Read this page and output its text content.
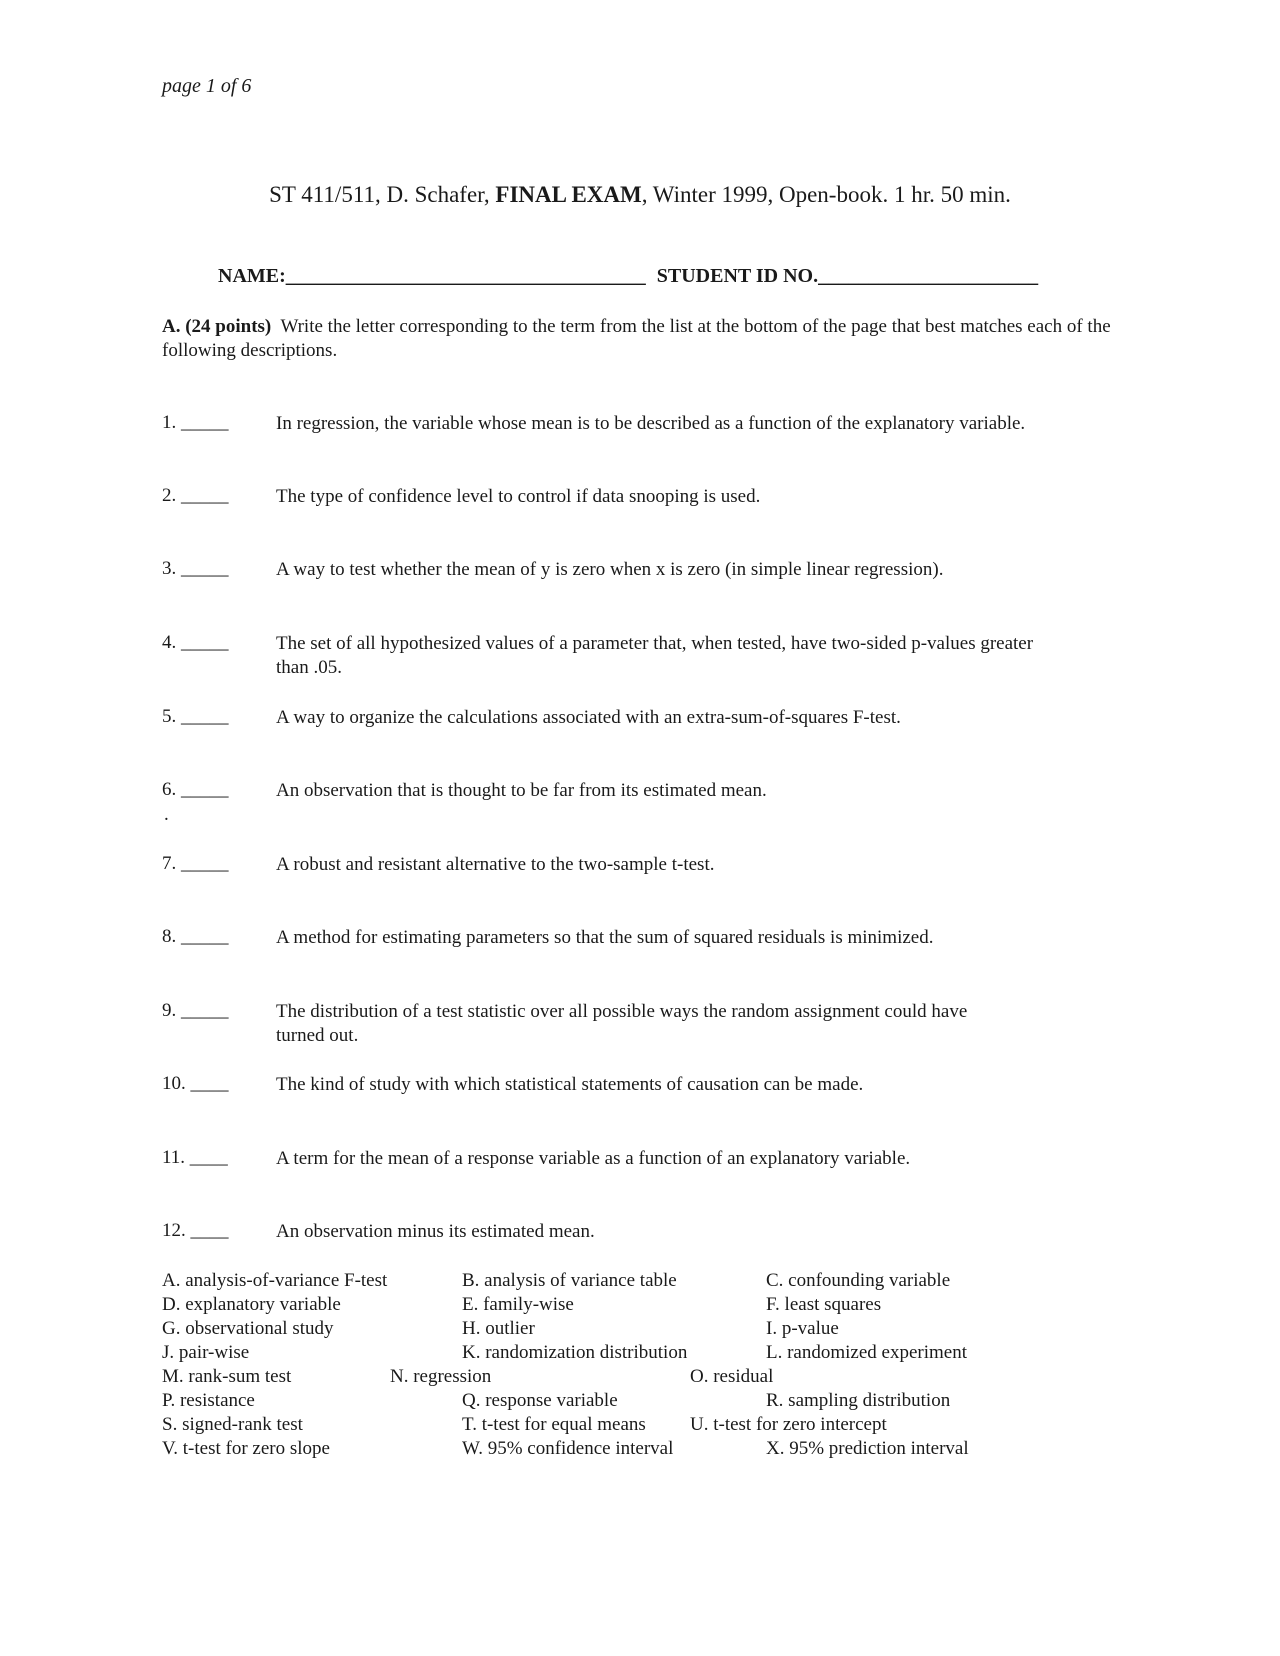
page 1 of 6
ST 411/511, D. Schafer, FINAL EXAM, Winter 1999, Open-book. 1 hr. 50 min.
NAME:____________________________________ STUDENT ID NO.______________________
A. (24 points) Write the letter corresponding to the term from the list at the bottom of the page that best matches each of the following descriptions.
1. _____	In regression, the variable whose mean is to be described as a function of the explanatory variable.
2. _____	The type of confidence level to control if data snooping is used.
3. _____	A way to test whether the mean of y is zero when x is zero (in simple linear regression).
4. _____	The set of all hypothesized values of a parameter that, when tested, have two-sided p-values greater than .05.
5. _____	A way to organize the calculations associated with an extra-sum-of-squares F-test.
6. _____	An observation that is thought to be far from its estimated mean.
.
7. _____	A robust and resistant alternative to the two-sample t-test.
8. _____	A method for estimating parameters so that the sum of squared residuals is minimized.
9. _____	The distribution of a test statistic over all possible ways the random assignment could have turned out.
10. ____	The kind of study with which statistical statements of causation can be made.
11. ____	A term for the mean of a response variable as a function of an explanatory variable.
12. ____	An observation minus its estimated mean.
A. analysis-of-variance F-test	B. analysis of variance table	C. confounding variable
D. explanatory variable	E. family-wise	F. least squares
G. observational study	H. outlier	I. p-value
J. pair-wise	K. randomization distribution	L. randomized experiment
M. rank-sum test	N. regression	O. residual
P. resistance	Q. response variable	R. sampling distribution
S. signed-rank test	T. t-test for equal means U. t-test for zero intercept
V. t-test for zero slope	W. 95% confidence interval	X. 95% prediction interval
